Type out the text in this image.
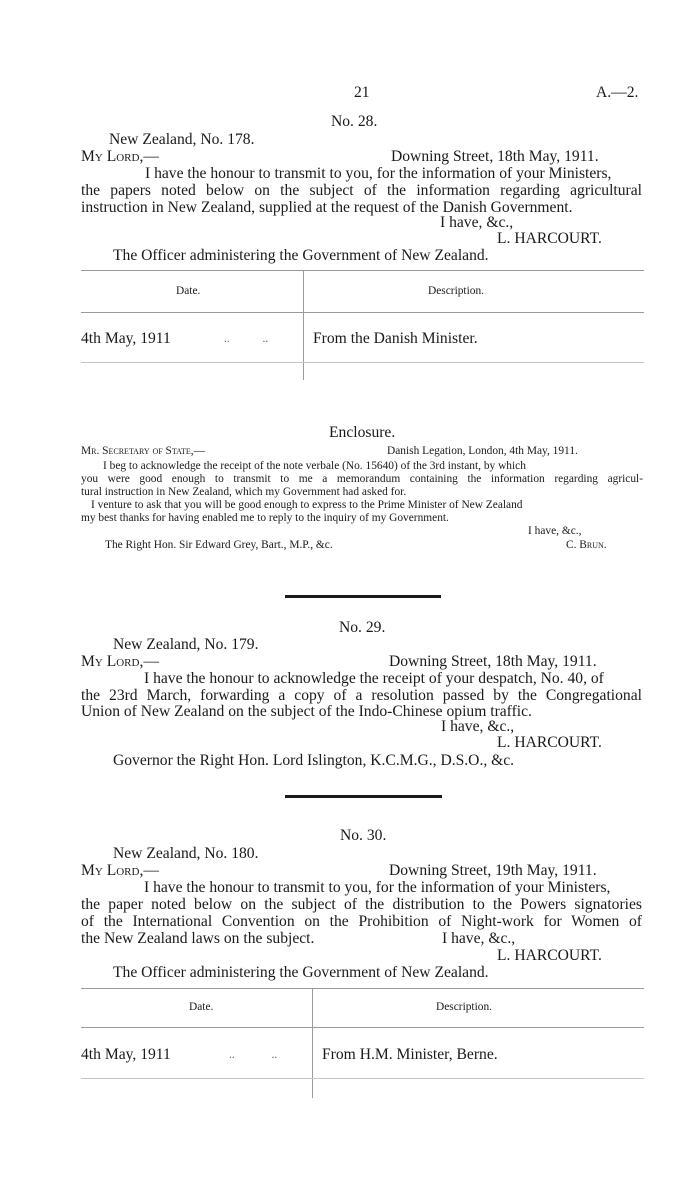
21	A.—2.
No. 28.
New Zealand, No. 178.
My Lord,—	Downing Street, 18th May, 1911.
I have the honour to transmit to you, for the information of your Ministers,
the papers noted below on the subject of the information regarding agricultural
instruction in New Zealand, supplied at the request of the Danish Government.
I have, &c.,
L. HARCOURT.
The Officer administering the Government of New Zealand.
Date.	Description.
4th May, 1911	.. ..	From the Danish Minister.
Enclosure.
Mr. Secretary of State,—	Danish Legation, London, 4th May, 1911.
I beg to acknowledge the receipt of the note verbale (No. 15640) of the 3rd instant, by which
you were good enough to transmit to me a memorandum containing the information regarding agricul-
tural instruction in New Zealand, which my Government had asked for.
I venture to ask that you will be good enough to express to the Prime Minister of New Zealand
my best thanks for having enabled me to reply to the inquiry of my Government.
I have, &c.,
The Right Hon. Sir Edward Grey, Bart., M.P., &c.	C. Brun.
No. 29.
New Zealand, No. 179.
My Lord,—	Downing Street, 18th May, 1911.
I have the honour to acknowledge the receipt of your despatch, No. 40, of
the 23rd March, forwarding a copy of a resolution passed by the Congregational
Union of New Zealand on the subject of the Indo-Chinese opium traffic.
I have, &c.,
L. HARCOURT.
Governor the Right Hon. Lord Islington, K.C.M.G., D.S.O., &c.
No. 30.
New Zealand, No. 180.
My Lord,—	Downing Street, 19th May, 1911.
I have the honour to transmit to you, for the information of your Ministers,
the paper noted below on the subject of the distribution to the Powers signatories
of the International Convention on the Prohibition of Night-work for Women of
the New Zealand laws on the subject.	I have, &c.,
L. HARCOURT.
The Officer administering the Government of New Zealand.
Date.	Description.
4th May, 1911	.. ..	From H.M. Minister, Berne.
